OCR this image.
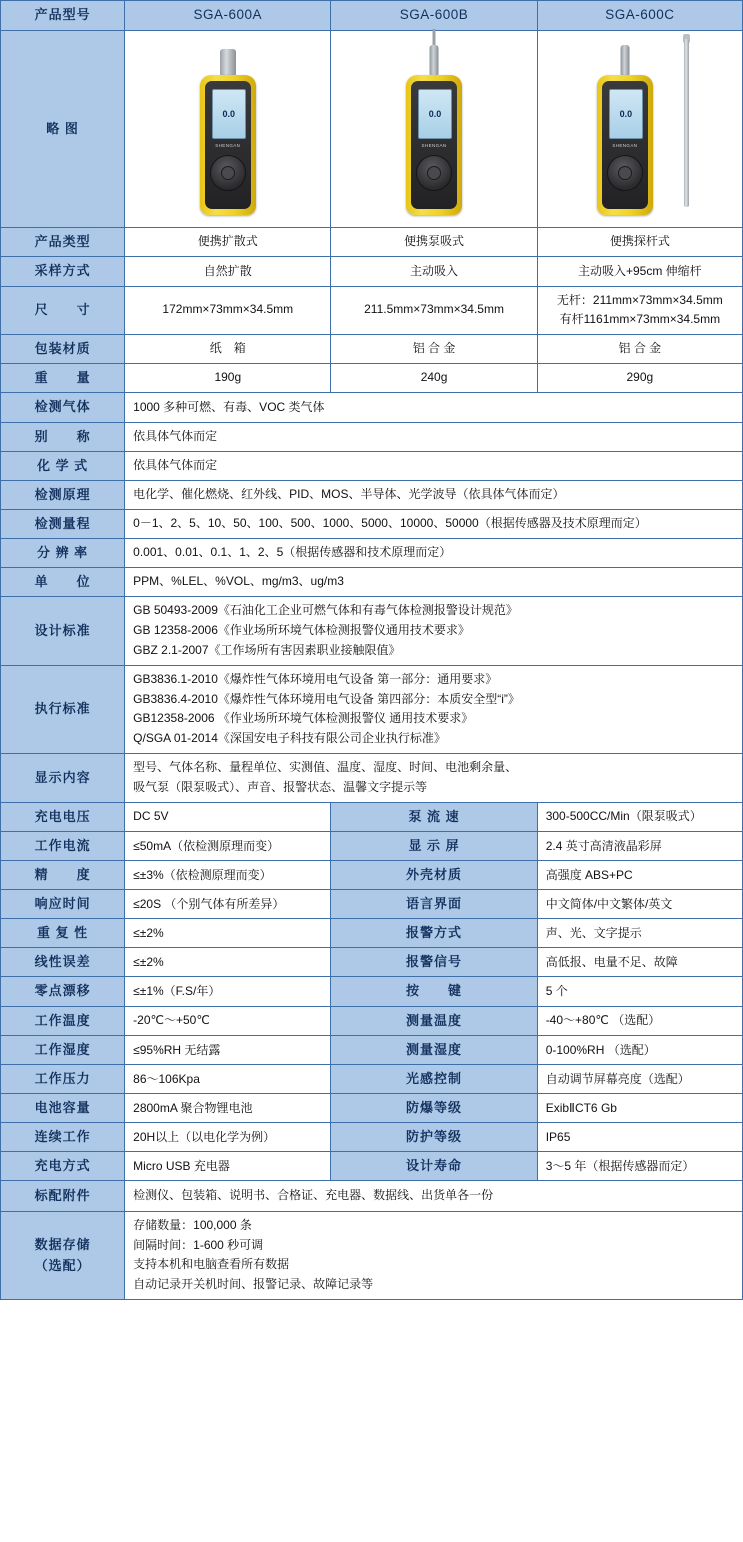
产品型号	SGA-600A	SGA-600B	SGA-600C
略 图	
0.0
SHENGAN

0.0
SHENGAN

0.0
SHENGAN

产品类型	便携扩散式	便携泵吸式	便携探杆式

采样方式	自然扩散	主动吸入	主动吸入+95cm 伸缩杆

尺　　寸	172mm×73mm×34.5mm	211.5mm×73mm×34.5mm	无杆：211mm×73mm×34.5mm
有杆1161mm×73mm×34.5mm

包装材质	纸　箱	铝 合 金	铝 合 金

重　　量	190g	240g	290g

检测气体	1000 多种可燃、有毒、VOC 类气体		

别　　称	依具体气体而定		

化 学 式	依具体气体而定		

检测原理	电化学、催化燃烧、红外线、PID、MOS、半导体、光学波导（依具体气体而定）		

检测量程	0－1、2、5、10、50、100、500、1000、5000、10000、50000（根据传感器及技术原理而定）		

分 辨 率	0.001、0.01、0.1、1、2、5（根据传感器和技术原理而定）		

单　　位	PPM、%LEL、%VOL、mg/m3、ug/m3		

设计标准	GB 50493-2009《石油化工企业可燃气体和有毒气体检测报警设计规范》
GB 12358-2006《作业场所环境气体检测报警仪通用技术要求》
GBZ 2.1-2007《工作场所有害因素职业接触限值》		

执行标准	GB3836.1-2010《爆炸性气体环境用电气设备 第一部分：通用要求》
GB3836.4-2010《爆炸性气体环境用电气设备 第四部分：本质安全型“i”》
GB12358-2006 《作业场所环境气体检测报警仪 通用技术要求》
Q/SGA 01-2014《深国安电子科技有限公司企业执行标准》		

显示内容	型号、气体名称、量程单位、实测值、温度、湿度、时间、电池剩余量、
吸气泵（限泵吸式）、声音、报警状态、温馨文字提示等		

充电电压	DC 5V	泵 流 速	300-500CC/Min（限泵吸式）
工作电流	≤50mA（依检测原理而变）	显 示 屏	2.4 英寸高清液晶彩屏
精　　度	≤±3%（依检测原理而变）	外壳材质	高强度 ABS+PC
响应时间	≤20S （个别气体有所差异）	语言界面	中文简体/中文繁体/英文
重 复 性	≤±2%	报警方式	声、光、文字提示
线性误差	≤±2%	报警信号	高低报、电量不足、故障
零点漂移	≤±1%（F.S/年）	按　　键	5 个
工作温度	-20℃～+50℃	测量温度	-40～+80℃ （选配）
工作湿度	≤95%RH 无结露	测量湿度	0-100%RH （选配）
工作压力	86～106Kpa	光感控制	自动调节屏幕亮度（选配）
电池容量	2800mA 聚合物锂电池	防爆等级	ExibⅡCT6 Gb
连续工作	20H以上（以电化学为例）	防护等级	IP65
充电方式	Micro USB 充电器	设计寿命	3～5 年（根据传感器而定）

标配附件	检测仪、包装箱、说明书、合格证、充电器、数据线、出货单各一份		

数据存储
（选配）	存储数量：100,000 条
间隔时间：1-600 秒可调
支持本机和电脑查看所有数据
自动记录开关机时间、报警记录、故障记录等		
